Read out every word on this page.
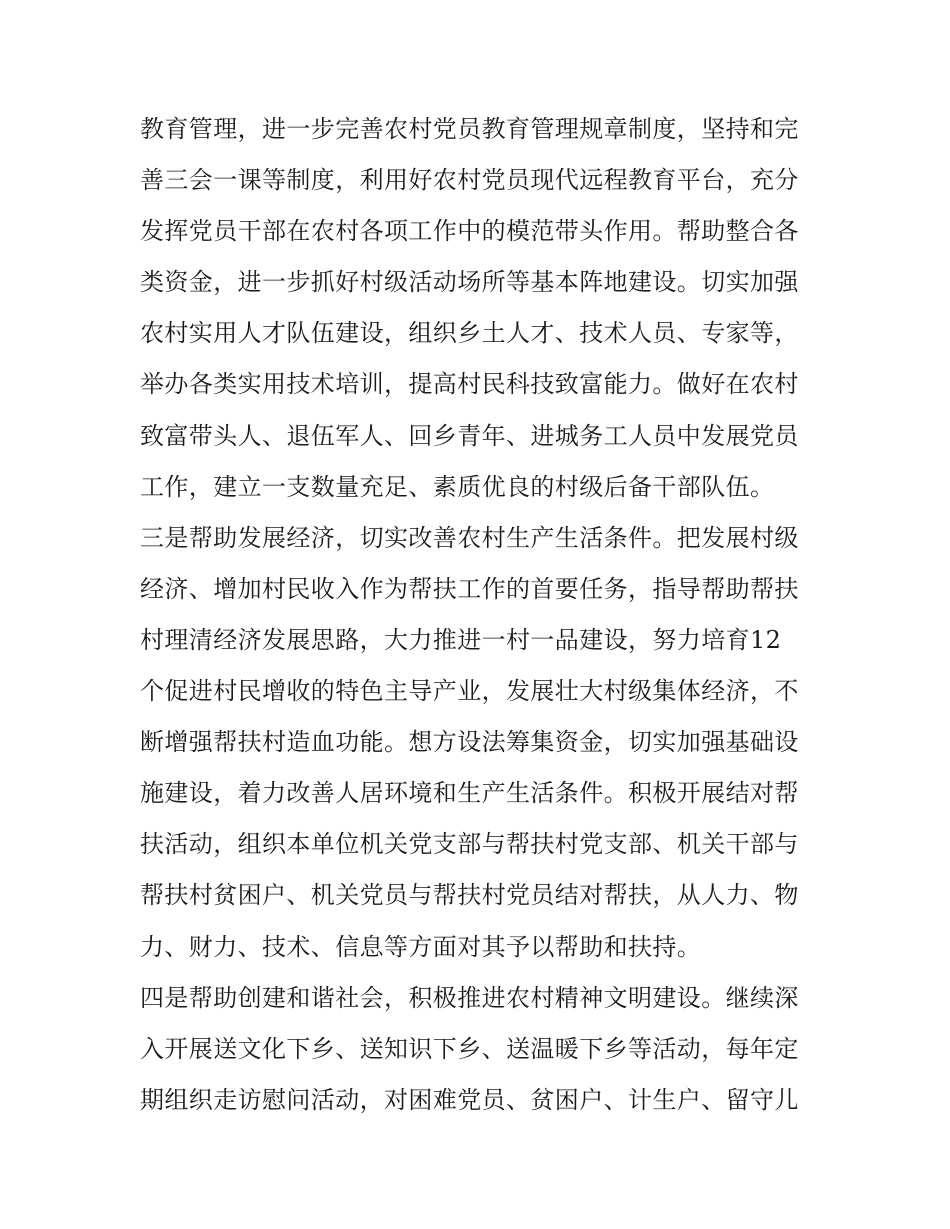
教育管理，进一步完善农村党员教育管理规章制度，坚持和完
善三会一课等制度，利用好农村党员现代远程教育平台，充分
发挥党员干部在农村各项工作中的模范带头作用。帮助整合各
类资金，进一步抓好村级活动场所等基本阵地建设。切实加强
农村实用人才队伍建设，组织乡土人才、技术人员、专家等，
举办各类实用技术培训，提高村民科技致富能力。做好在农村
致富带头人、退伍军人、回乡青年、进城务工人员中发展党员
工作，建立一支数量充足、素质优良的村级后备干部队伍。
三是帮助发展经济，切实改善农村生产生活条件。把发展村级
经济、增加村民收入作为帮扶工作的首要任务，指导帮助帮扶
村理清经济发展思路，大力推进一村一品建设，努力培育12
个促进村民增收的特色主导产业，发展壮大村级集体经济，不
断增强帮扶村造血功能。想方设法筹集资金，切实加强基础设
施建设，着力改善人居环境和生产生活条件。积极开展结对帮
扶活动，组织本单位机关党支部与帮扶村党支部、机关干部与
帮扶村贫困户、机关党员与帮扶村党员结对帮扶，从人力、物
力、财力、技术、信息等方面对其予以帮助和扶持。
四是帮助创建和谐社会，积极推进农村精神文明建设。继续深
入开展送文化下乡、送知识下乡、送温暖下乡等活动，每年定
期组织走访慰问活动，对困难党员、贫困户、计生户、留守儿
